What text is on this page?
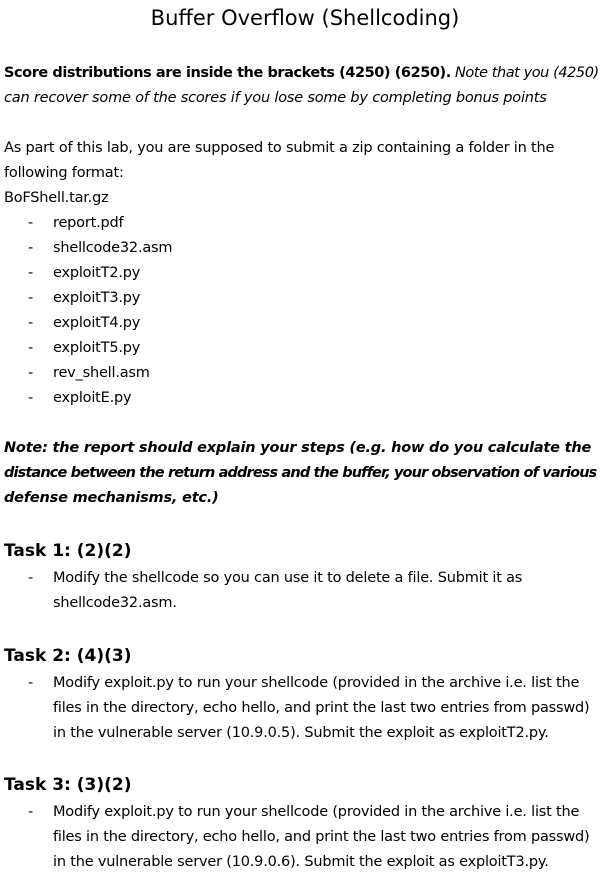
Buffer Overflow (Shellcoding)
Score distributions are inside the brackets (4250) (6250). Note that you (4250)
can recover some of the scores if you lose some by completing bonus points
As part of this lab, you are supposed to submit a zip containing a folder in the
following format:
BoFShell.tar.gz
- report.pdf
- shellcode32.asm
- exploitT2.py
- exploitT3.py
- exploitT4.py
- exploitT5.py
- rev_shell.asm
- exploitE.py
Note: the report should explain your steps (e.g. how do you calculate the
distance between the return address and the buffer, your observation of various
defense mechanisms, etc.)
Task 1: (2)(2)
- Modify the shellcode so you can use it to delete a file. Submit it as
shellcode32.asm.
Task 2: (4)(3)
- Modify exploit.py to run your shellcode (provided in the archive i.e. list the
files in the directory, echo hello, and print the last two entries from passwd)
in the vulnerable server (10.9.0.5). Submit the exploit as exploitT2.py.
Task 3: (3)(2)
- Modify exploit.py to run your shellcode (provided in the archive i.e. list the
files in the directory, echo hello, and print the last two entries from passwd)
in the vulnerable server (10.9.0.6). Submit the exploit as exploitT3.py.
